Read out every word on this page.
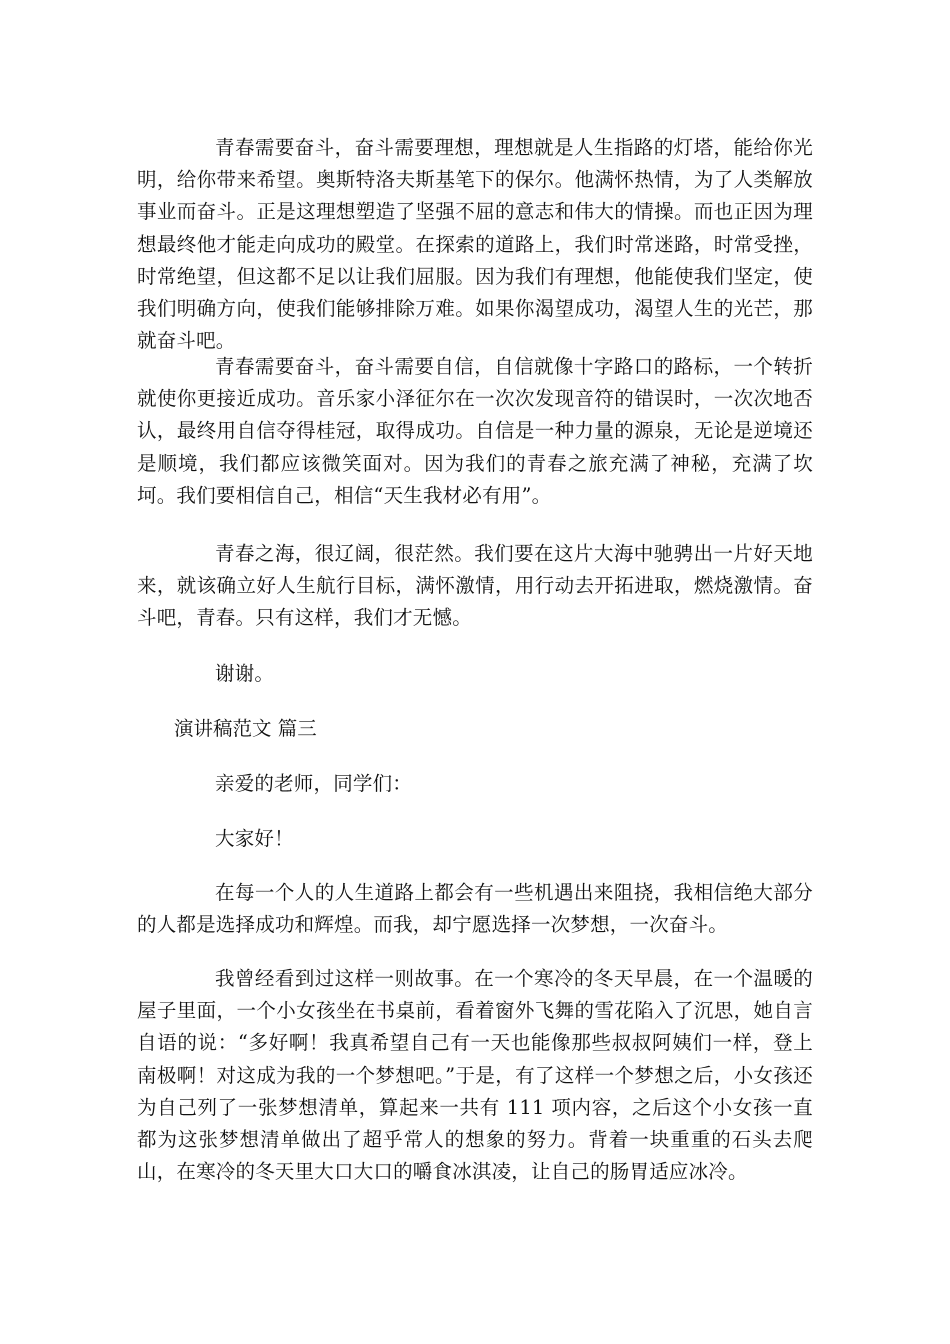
青春需要奋斗，奋斗需要理想，理想就是人生指路的灯塔，能给你光明，给你带来希望。奥斯特洛夫斯基笔下的保尔。他满怀热情，为了人类解放事业而奋斗。正是这理想塑造了坚强不屈的意志和伟大的情操。而也正因为理想最终他才能走向成功的殿堂。在探索的道路上，我们时常迷路，时常受挫，时常绝望，但这都不足以让我们屈服。因为我们有理想，他能使我们坚定，使我们明确方向，使我们能够排除万难。如果你渴望成功，渴望人生的光芒，那就奋斗吧。

青春需要奋斗，奋斗需要自信，自信就像十字路口的路标，一个转折就使你更接近成功。音乐家小泽征尔在一次次发现音符的错误时，一次次地否认，最终用自信夺得桂冠，取得成功。自信是一种力量的源泉，无论是逆境还是顺境，我们都应该微笑面对。因为我们的青春之旅充满了神秘，充满了坎坷。我们要相信自己，相信“天生我材必有用”。

青春之海，很辽阔，很茫然。我们要在这片大海中驰骋出一片好天地来，就该确立好人生航行目标，满怀激情，用行动去开拓进取，燃烧激情。奋斗吧，青春。只有这样，我们才无憾。

谢谢。

演讲稿范文 篇三

亲爱的老师，同学们：

大家好！

在每一个人的人生道路上都会有一些机遇出来阻挠，我相信绝大部分的人都是选择成功和辉煌。而我，却宁愿选择一次梦想，一次奋斗。

我曾经看到过这样一则故事。在一个寒冷的冬天早晨，在一个温暖的屋子里面，一个小女孩坐在书桌前，看着窗外飞舞的雪花陷入了沉思，她自言自语的说：“多好啊！我真希望自己有一天也能像那些叔叔阿姨们一样，登上南极啊！对这成为我的一个梦想吧。”于是，有了这样一个梦想之后，小女孩还为自己列了一张梦想清单，算起来一共有 111 项内容，之后这个小女孩一直都为这张梦想清单做出了超乎常人的想象的努力。背着一块重重的石头去爬山，在寒冷的冬天里大口大口的嚼食冰淇凌，让自己的肠胃适应冰冷。
